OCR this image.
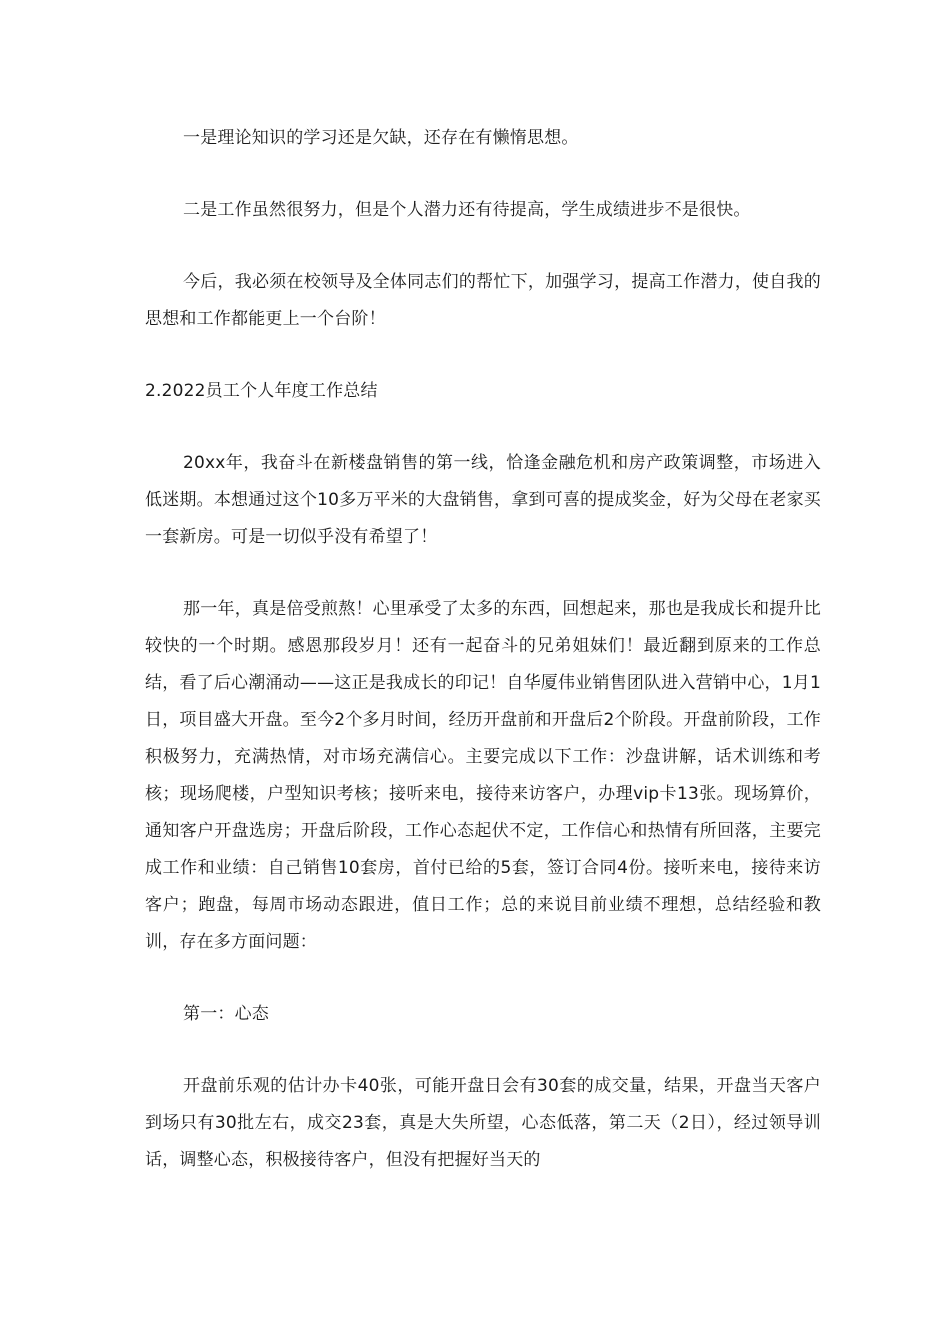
一是理论知识的学习还是欠缺，还存在有懒惰思想。

二是工作虽然很努力，但是个人潜力还有待提高，学生成绩进步不是很快。

今后，我必须在校领导及全体同志们的帮忙下，加强学习，提高工作潜力，使自我的思想和工作都能更上一个台阶！

2.2022员工个人年度工作总结

20xx年，我奋斗在新楼盘销售的第一线，恰逢金融危机和房产政策调整，市场进入低迷期。本想通过这个10多万平米的大盘销售，拿到可喜的提成奖金，好为父母在老家买一套新房。可是一切似乎没有希望了！

那一年，真是倍受煎熬！心里承受了太多的东西，回想起来，那也是我成长和提升比较快的一个时期。感恩那段岁月！还有一起奋斗的兄弟姐妹们！最近翻到原来的工作总结，看了后心潮涌动——这正是我成长的印记！自华厦伟业销售团队进入营销中心，1月1日，项目盛大开盘。至今2个多月时间，经历开盘前和开盘后2个阶段。开盘前阶段，工作积极努力，充满热情，对市场充满信心。主要完成以下工作：沙盘讲解，话术训练和考核；现场爬楼，户型知识考核；接听来电，接待来访客户，办理vip卡13张。现场算价，通知客户开盘选房；开盘后阶段，工作心态起伏不定，工作信心和热情有所回落，主要完成工作和业绩：自己销售10套房，首付已给的5套，签订合同4份。接听来电，接待来访客户；跑盘，每周市场动态跟进，值日工作；总的来说目前业绩不理想，总结经验和教训，存在多方面问题：

第一：心态

开盘前乐观的估计办卡40张，可能开盘日会有30套的成交量，结果，开盘当天客户到场只有30批左右，成交23套，真是大失所望，心态低落，第二天（2日），经过领导训话，调整心态，积极接待客户，但没有把握好当天的
